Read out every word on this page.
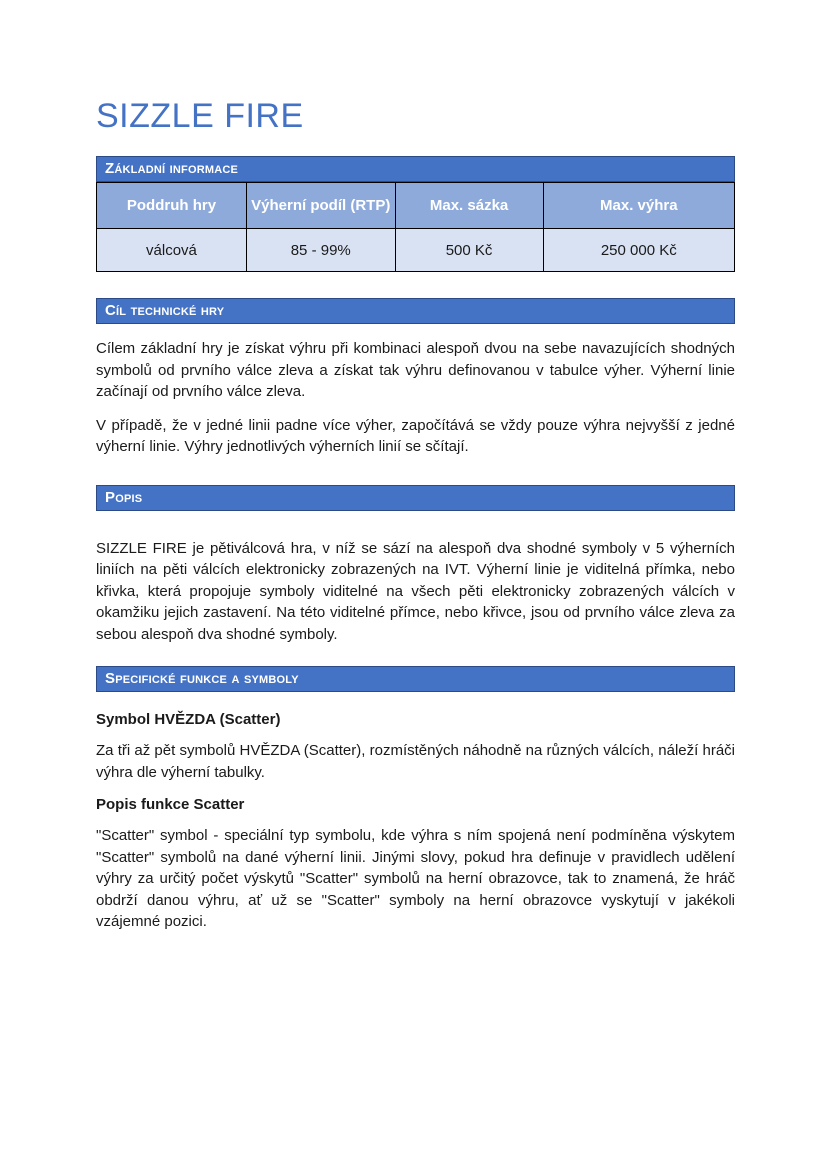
SIZZLE FIRE
Základní informace
Poddruh hry	Výherní podíl (RTP)	Max. sázka	Max. výhra
válcová	85 - 99%	500 Kč	250 000 Kč
Cíl technické hry

Cílem základní hry je získat výhru při kombinaci alespoň dvou na sebe navazujících shodných symbolů od prvního válce zleva a získat tak výhru definovanou v tabulce výher. Výherní linie začínají od prvního válce zleva.

V případě, že v jedné linii padne více výher, započítává se vždy pouze výhra nejvyšší z jedné výherní linie. Výhry jednotlivých výherních linií se sčítají.

Popis

SIZZLE FIRE je pětiválcová hra, v níž se sází na alespoň dva shodné symboly v 5 výherních liniích na pěti válcích elektronicky zobrazených na IVT. Výherní linie je viditelná přímka, nebo křivka, která propojuje symboly viditelné na všech pěti elektronicky zobrazených válcích v okamžiku jejich zastavení. Na této viditelné přímce, nebo křivce, jsou od prvního válce zleva za sebou alespoň dva shodné symboly.

Specifické funkce a symboly
Symbol HVĚZDA (Scatter)

Za tři až pět symbolů HVĚZDA (Scatter), rozmístěných náhodně na různých válcích, náleží hráči výhra dle výherní tabulky.

Popis funkce Scatter

"Scatter" symbol - speciální typ symbolu, kde výhra s ním spojená není podmíněna výskytem "Scatter" symbolů na dané výherní linii. Jinými slovy, pokud hra definuje v pravidlech udělení výhry za určitý počet výskytů "Scatter" symbolů na herní obrazovce, tak to znamená, že hráč obdrží danou výhru, ať už se "Scatter" symboly na herní obrazovce vyskytují v jakékoli vzájemné pozici.
